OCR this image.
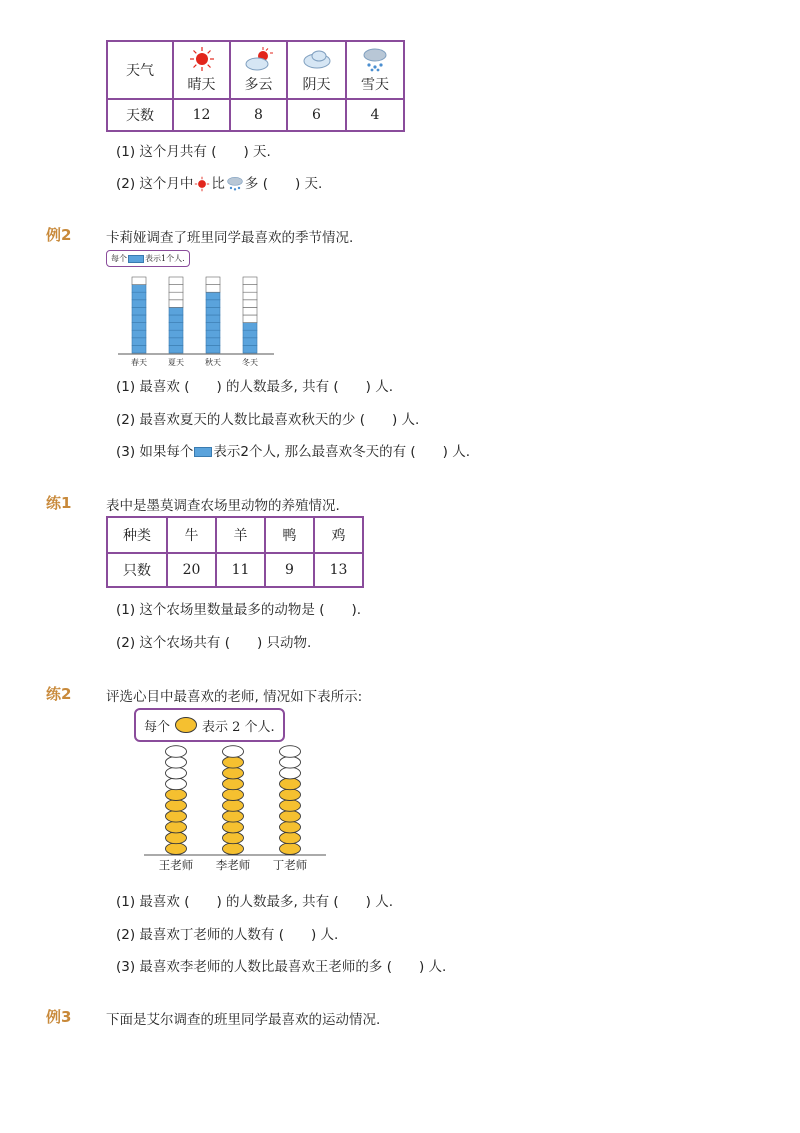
天气	晴天	多云	阴天	雪天

天数	12	8	6	4
(1) 这个月共有 (　　) 天.
(2) 这个月中 比 多 (　　) 天.
例2	卡莉娅调查了班里同学最喜欢的季节情况.
每个 表示1个人.
春天	夏天	秋天	冬天
(1) 最喜欢 (　　) 的人数最多, 共有 (　　) 人.
(2) 最喜欢夏天的人数比最喜欢秋天的少 (　　) 人.
(3) 如果每个 表示2个人, 那么最喜欢冬天的有 (　　) 人.
练1	表中是墨莫调查农场里动物的养殖情况.
种类	牛	羊	鸭	鸡
只数	20	11	9	13
(1) 这个农场里数量最多的动物是 (　　).
(2) 这个农场共有 (　　) 只动物.
练2	评选心目中最喜欢的老师, 情况如下表所示:
每个 表示 2 个人.
王老师 李老师 丁老师
(1) 最喜欢 (　　) 的人数最多, 共有 (　　) 人.
(2) 最喜欢丁老师的人数有 (　　) 人.
(3) 最喜欢李老师的人数比最喜欢王老师的多 (　　) 人.
例3	下面是艾尔调查的班里同学最喜欢的运动情况.
